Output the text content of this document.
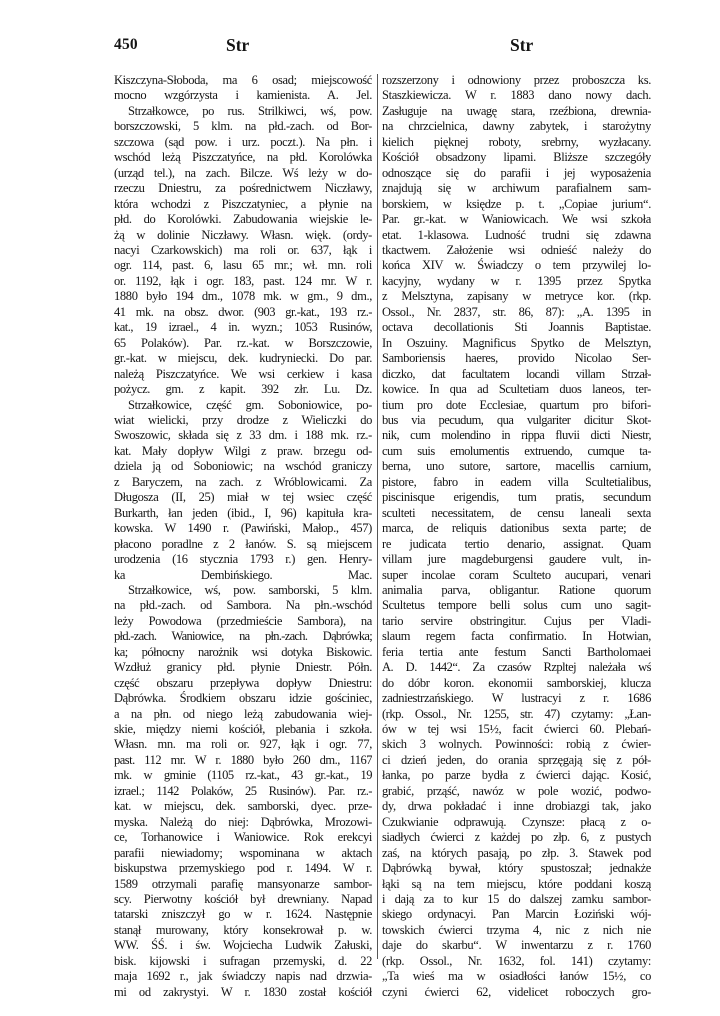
450	Str	Str
Kiszczyna-Słoboda, ma 6 osad; miejscowość
mocno wzgórzysta i kamienista. A. Jel.
Strzałkowce, po rus. Strilkiwci, wś, pow.
borszczowski, 5 klm. na płd.-zach. od Bor-
szczowa (sąd pow. i urz. poczt.). Na płn. i
wschód leżą Piszczatyńce, na płd. Korolówka
(urząd tel.), na zach. Bilcze. Wś leży w do-
rzeczu Dniestru, za pośrednictwem Niczławy,
która wchodzi z Piszczatyniec, a płynie na
płd. do Korolówki. Zabudowania wiejskie le-
żą w dolinie Niczławy. Własn. więk. (ordy-
nacyi Czarkowskich) ma roli or. 637, łąk i
ogr. 114, past. 6, lasu 65 mr.; wł. mn. roli
or. 1192, łąk i ogr. 183, past. 124 mr. W r.
1880 było 194 dm., 1078 mk. w gm., 9 dm.,
41 mk. na obsz. dwor. (903 gr.-kat., 193 rz.-
kat., 19 izrael., 4 in. wyzn.; 1053 Rusinów,
65 Polaków). Par. rz.-kat. w Borszczowie,
gr.-kat. w miejscu, dek. kudryniecki. Do par.
należą Piszczatyńce. We wsi cerkiew i kasa
pożycz. gm. z kapit. 392 złr. Lu. Dz.
Strzałkowice, część gm. Soboniowice, po-
wiat wielicki, przy drodze z Wieliczki do
Swoszowic, składa się z 33 dm. i 188 mk. rz.-
kat. Mały dopływ Wilgi z praw. brzegu od-
dziela ją od Soboniowic; na wschód graniczy
z Baryczem, na zach. z Wróblowicami. Za
Długosza (II, 25) miał w tej wsiec część
Burkarth, łan jeden (ibid., I, 96) kapituła kra-
kowska. W 1490 r. (Pawiński, Małop., 457)
płacono poradlne z 2 łanów. S. są miejscem
urodzenia (16 stycznia 1793 r.) gen. Henry-
ka Dembińskiego. Mac.
Strzałkowice, wś, pow. samborski, 5 klm.
na płd.-zach. od Sambora. Na płn.-wschód
leży Powodowa (przedmieście Sambora), na
płd.-zach. Waniowice, na płn.-zach. Dąbrówka;
ka; północny narożnik wsi dotyka Biskowic.
Wzdłuż granicy płd. płynie Dniestr. Półn.
część obszaru przepływa dopływ Dniestru:
Dąbrówka. Środkiem obszaru idzie gościniec,
a na płn. od niego leżą zabudowania wiej-
skie, między niemi kościół, plebania i szkoła.
Własn. mn. ma roli or. 927, łąk i ogr. 77,
past. 112 mr. W r. 1880 było 260 dm., 1167
mk. w gminie (1105 rz.-kat., 43 gr.-kat., 19
izrael.; 1142 Polaków, 25 Rusinów). Par. rz.-
kat. w miejscu, dek. samborski, dyec. prze-
myska. Należą do niej: Dąbrówka, Mrozowi-
ce, Torhanowice i Waniowice. Rok erekcyi
parafii niewiadomy; wspominana w aktach
biskupstwa przemyskiego pod r. 1494. W r.
1589 otrzymali parafię mansyonarze sambor-
scy. Pierwotny kościół był drewniany. Napad
tatarski zniszczył go w r. 1624. Następnie
stanął murowany, który konsekrował p. w.
WW. ŚŚ. i św. Wojciecha Ludwik Załuski,
bisk. kijowski i sufragan przemyski, d. 22
maja 1692 r., jak świadczy napis nad drzwia-
mi od zakrystyi. W r. 1830 został kościół
rozszerzony i odnowiony przez proboszcza ks.
Staszkiewicza. W r. 1883 dano nowy dach.
Zasługuje na uwagę stara, rzeźbiona, drewnia-
na chrzcielnica, dawny zabytek, i starożytny
kielich pięknej roboty, srebrny, wyzłacany.
Kościół obsadzony lipami. Bliższe szczegóły
odnoszące się do parafii i jej wyposażenia
znajdują się w archiwum parafialnem sam-
borskiem, w księdze p. t. „Copiae jurium“.
Par. gr.-kat. w Waniowicach. We wsi szkoła
etat. 1-klasowa. Ludność trudni się zdawna
tkactwem. Założenie wsi odnieść należy do
końca XIV w. Świadczy o tem przywilej lo-
kacyjny, wydany w r. 1395 przez Spytka
z Melsztyna, zapisany w metryce kor. (rkp.
Ossol., Nr. 2837, str. 86, 87): „A. 1395 in
octava decollationis Sti Joannis Baptistae.
In Oszuiny. Magnificus Spytko de Melsztyn,
Samboriensis haeres, provido Nicolao Ser-
diczko, dat facultatem locandi villam Strzał-
kowice. In qua ad Scultetiam duos laneos, ter-
tium pro dote Ecclesiae, quartum pro bifori-
bus via pecudum, qua vulgariter dicitur Skot-
nik, cum molendino in rippa fluvii dicti Niestr,
cum suis emolumentis extruendo, cumque ta-
berna, uno sutore, sartore, macellis carnium,
pistore, fabro in eadem villa Scultetialibus,
piscinisque erigendis, tum pratis, secundum
sculteti necessitatem, de censu laneali sexta
marca, de reliquis dationibus sexta parte; de
re judicata tertio denario, assignat. Quam
villam jure magdeburgensi gaudere vult, in-
super incolae coram Sculteto aucupari, venari
animalia parva, obligantur. Ratione quorum
Scultetus tempore belli solus cum uno sagit-
tario servire obstringitur. Cujus per Vladi-
slaum regem facta confirmatio. In Hotwian,
feria tertia ante festum Sancti Bartholomaei
A. D. 1442“. Za czasów Rzpltej należała wś
do dóbr koron. ekonomii samborskiej, klucza
zadniestrzańskiego. W lustracyi z r. 1686
(rkp. Ossol., Nr. 1255, str. 47) czytamy: „Łan-
ów w tej wsi 15½, facit ćwierci 60. Plebań-
skich 3 wolnych. Powinności: robią z ćwier-
ci dzień jeden, do orania sprzęgają się z pół-
łanka, po parze bydła z ćwierci dając. Kosić,
grabić, prząść, nawóz w pole wozić, podwo-
dy, drwa pokładać i inne drobiazgi tak, jako
Czukwianie odprawują. Czynsze: płacą z o-
siadłych ćwierci z każdej po złp. 6, z pustych
zaś, na których pasają, po złp. 3. Stawek pod
Dąbrówką bywał, który spustoszał; jednakże
łąki są na tem miejscu, które poddani koszą
i dają za to kur 15 do dalszej zamku sambor-
skiego ordynacyi. Pan Marcin Łoziński wój-
towskich ćwierci trzyma 4, nic z nich nie
daje do skarbu“. W inwentarzu z r. 1760
(rkp. Ossol., Nr. 1632, fol. 141) czytamy:
„Ta wieś ma w osiadłości łanów 15½, co
czyni ćwierci 62, videlicet roboczych gro-
